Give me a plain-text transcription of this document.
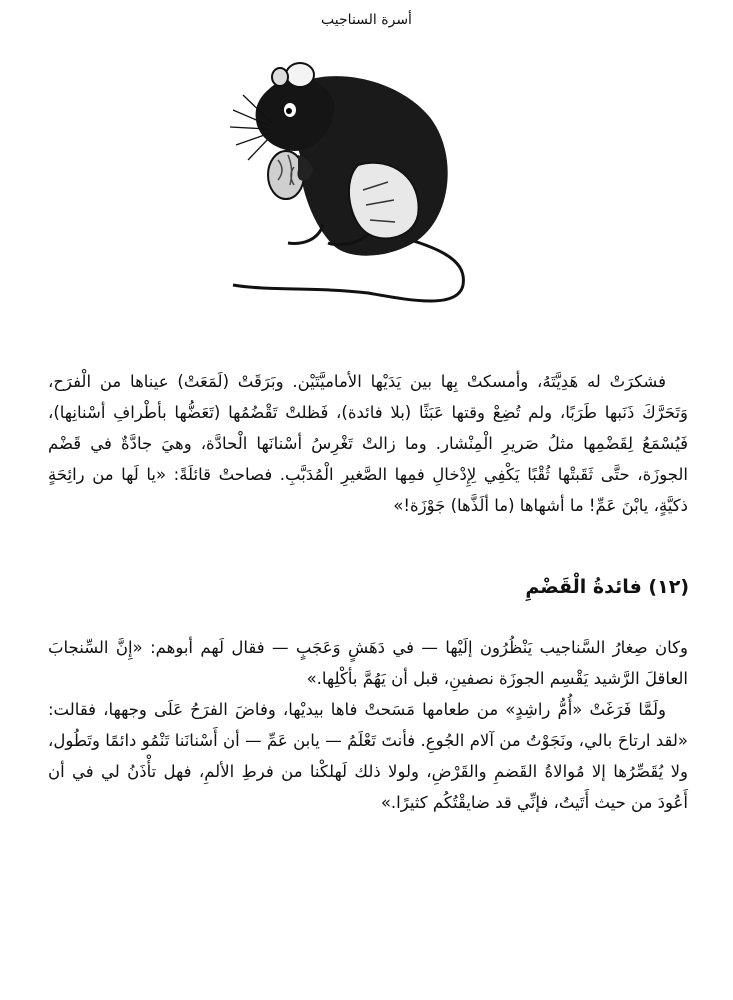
أسرة السناجيب

فشكرَتْ له هَدِيَّتَهُ، وأمسكتْ بِها بين يَدَيْها الأماميَّتَيْن. وبَرَقَتْ (لَمَعَتْ) عيناها من الْفرَح، وَتَحَرَّكَ ذَنَبها طَرَبًا، ولم تُضِعْ وقتها عَبَثًا (بلا فائدة)، فَظلتْ تَقْضُمُها (تَعَضُّها بأطْرافِ أسْنانِها)، فَيُسْمَعُ لِقَضْمِها مثلُ صَريرِ الْمِنْشار. وما زالتْ تَغْرِسُ أسْنانَها الْحادَّة، وهيَ جادَّةٌ في قَضْم الجوزَة، حتَّى ثَقَبتْها ثُقْبًا يَكْفِي لِإِدْخالِ فمِها الصَّغيرِ الْمُدَبَّبِ. فصاحتْ قائلَةً: «يا لَها من رائِحَةٍ ذكيَّةٍ، يابْنَ عَمِّ! ما أشهاها (ما ألَذَّها) جَوْزَة!»

(١٢) فائدةُ الْقَضْمِ

وكان صِغارُ السَّناجيب يَنْظُرُون إلَيْها — في دَهَشٍ وَعَجَبٍ — فقال لَهم أبوهم: «إِنَّ السِّنجابَ العاقلَ الرَّشيد يَقْسِم الجوزَة نصفينِ، قبل أن يَهُمَّ بأكْلِها.»

ولَمَّا فَرَغَتْ «أُمُّ راشِدٍ» من طعامها مَسَحتْ فاها بيديْها، وفاضَ الفرَحُ عَلَى وجهها، فقالت: «لقد ارتاحَ بالي، ونَجَوْتُ من آلام الجُوعِ. فأنتَ تَعْلَمُ — يابن عَمِّ — أن أَسْنانَنا تَنْمُو دائمًا وتَطُول، ولا يُقَصِّرُها إلا مُوالاةُ القَضمِ والقَرْضِ، ولولا ذلك لَهلكْنا من فرطِ الألمِ، فهل تأْذَنُ لي في أن أَعُودَ من حيث أَتَيتُ، فإنِّي قد ضايقْتُكُم كثيرًا.»
